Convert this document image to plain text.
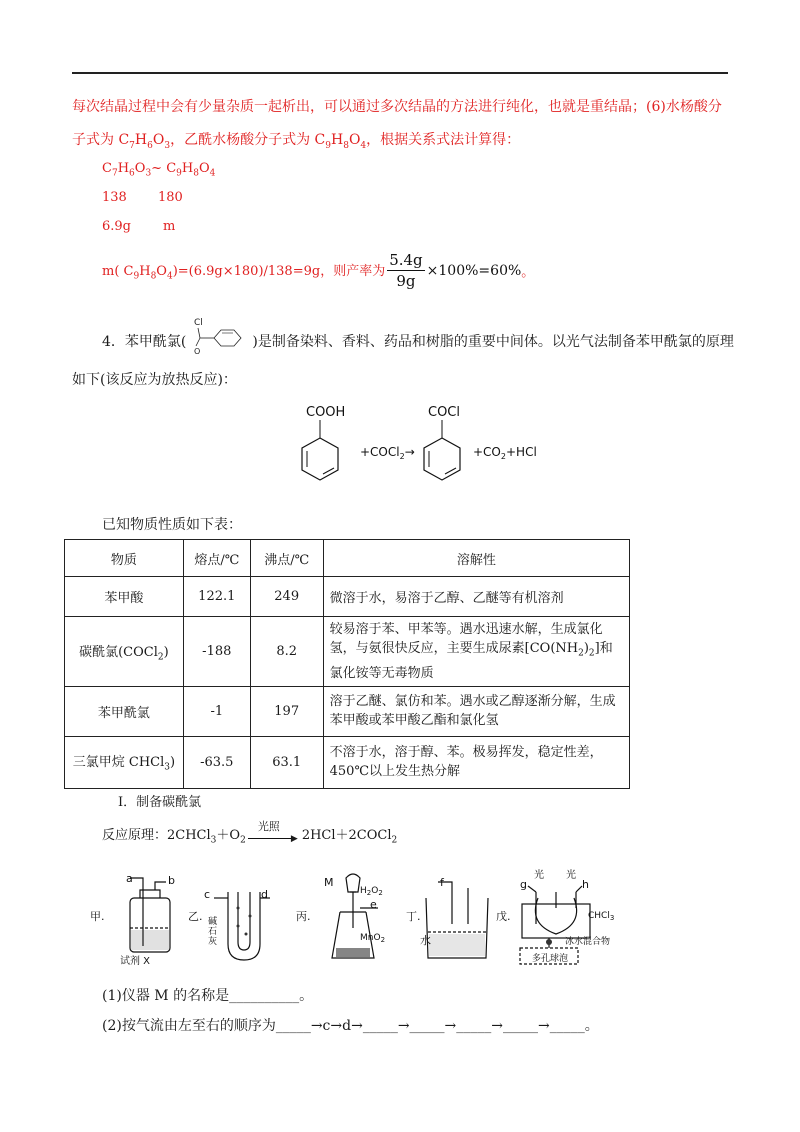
每次结晶过程中会有少量杂质一起析出，可以通过多次结晶的方法进行纯化，也就是重结晶；(6)水杨酸分
子式为 $C_7H_6O_3$，乙酰水杨酸分子式为 $C_9H_8O_4$，根据关系式法计算得：
$C_7H_6O_3\sim$ $C_9H_8O_4$
138 180
6.9g m
m( $C_9H_8O_4)=(6.9g\times 180)/138=9g$，则产率为 $\frac{5.4g}{9g} \times 100\%=60\%$ 。
4．苯甲酰氯(
Cl
O
)是制备染料、香料、药品和树脂的重要中间体。以光气法制备苯甲酰氯的原理
如下(该反应为放热反应)：
COOH
+COCl$_2$→
COCl
$+CO_2+HCl$
已知物质性质如下表：
物质	熔点/℃	沸点/℃	溶解性
苯甲酸	122.1	249	微溶于水，易溶于乙醇、乙醚等有机溶剂
碳酰氯(COCl$_2$)	-188	8.2	较易溶于苯、甲苯等。遇水迅速水解，生成氯化氢，与氨很快反应，主要生成尿素$[CO(NH_2)_2]$和氯化铵等无毒物质
苯甲酰氯	-1	197	溶于乙醚、氯仿和苯。遇水或乙醇逐渐分解，生成苯甲酸或苯甲酸乙酯和氯化氢
三氯甲烷 CHCl$_3$)	-63.5	63.1	不溶于水，溶于醇、苯。极易挥发，稳定性差，450℃以上发生热分解
Ⅰ．制备碳酰氯
反应原理：$2CHCl_3+O_2$
光照
▶ 2HCl＋2COCl$_2$
甲.
a	b
试剂 X
乙.
c	d
碱
石
灰
丙.
M
$H_2O_2$
e
MnO$_2$
丁.
f
水
戊.
g
光 光
h
CHCl$_3$
冰水混合物
多孔球泡
(1)仪器 M 的名称是__________。
(2)按气流由左至右的顺序为_____→c→d→_____→_____→_____→_____→_____。
